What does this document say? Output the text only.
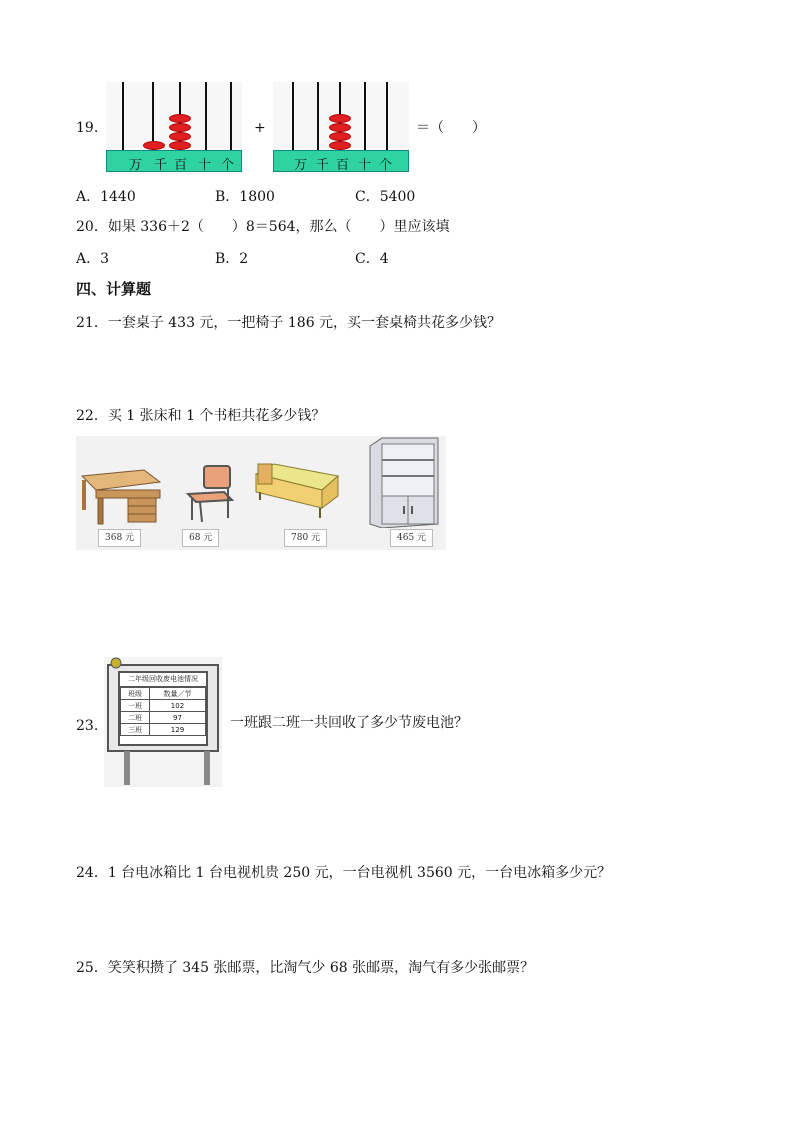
19.
万 千 百 十 个
+
万 千 百 十 个
＝（　　）
A．1440	B．1800	C．5400
20．如果 336＋2（　　）8＝564，那么（　　）里应该填
A．3	B．2	C．4
四、计算题
21．一套桌子 433 元，一把椅子 186 元，买一套桌椅共花多少钱？
22．买 1 张床和 1 个书柜共花多少钱？
368 元	68 元	780 元	465 元
23.
二年级回收废电池情况
班级	数量／节
一班	102
二班	97
三班	129	一班跟二班一共回收了多少节废电池？
24．1 台电冰箱比 1 台电视机贵 250 元，一台电视机 3560 元，一台电冰箱多少元？
25．笑笑积攒了 345 张邮票，比淘气少 68 张邮票，淘气有多少张邮票？
